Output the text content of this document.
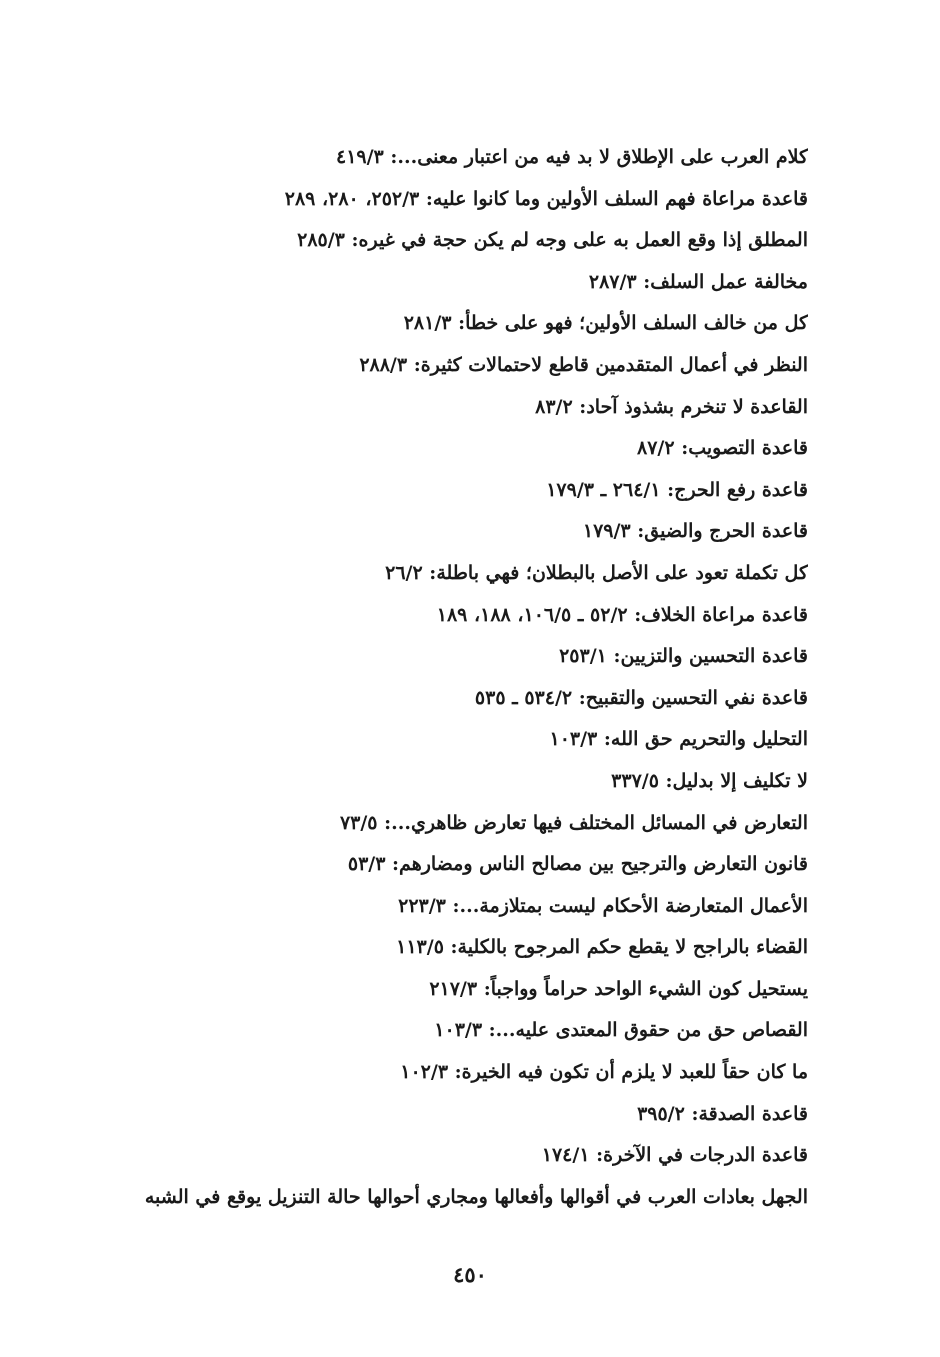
كلام العرب على الإطلاق لا بد فيه من اعتبار معنى...: ٤١٩/٣
قاعدة مراعاة فهم السلف الأولين وما كانوا عليه: ٢٥٢/٣، ٢٨٠، ٢٨٩
المطلق إذا وقع العمل به على وجه لم يكن حجة في غيره: ٢٨٥/٣
مخالفة عمل السلف: ٢٨٧/٣
كل من خالف السلف الأولين؛ فهو على خطأ: ٢٨١/٣
النظر في أعمال المتقدمين قاطع لاحتمالات كثيرة: ٢٨٨/٣
القاعدة لا تنخرم بشذوذ آحاد: ٨٣/٢
قاعدة التصويب: ٨٧/٢
قاعدة رفع الحرج: ٢٦٤/١ ـ ١٧٩/٣
قاعدة الحرج والضيق: ١٧٩/٣
كل تكملة تعود على الأصل بالبطلان؛ فهي باطلة: ٢٦/٢
قاعدة مراعاة الخلاف: ٥٢/٢ ـ ١٠٦/٥، ١٨٨، ١٨٩
قاعدة التحسين والتزيين: ٢٥٣/١
قاعدة نفي التحسين والتقبيح: ٥٣٤/٢ ـ ٥٣٥
التحليل والتحريم حق الله: ١٠٣/٣
لا تكليف إلا بدليل: ٣٣٧/٥
التعارض في المسائل المختلف فيها تعارض ظاهري...: ٧٣/٥
قانون التعارض والترجيح بين مصالح الناس ومضارهم: ٥٣/٣
الأعمال المتعارضة الأحكام ليست بمتلازمة...: ٢٢٣/٣
القضاء بالراجح لا يقطع حكم المرجوح بالكلية: ١١٣/٥
يستحيل كون الشيء الواحد حراماً وواجباً: ٢١٧/٣
القصاص حق من حقوق المعتدى عليه...: ١٠٣/٣
ما كان حقاً للعبد لا يلزم أن تكون فيه الخيرة: ١٠٢/٣
قاعدة الصدقة: ٣٩٥/٢
قاعدة الدرجات في الآخرة: ١٧٤/١
الجهل بعادات العرب في أقوالها وأفعالها ومجاري أحوالها حالة التنزيل يوقع في الشبه
٤٥٠
